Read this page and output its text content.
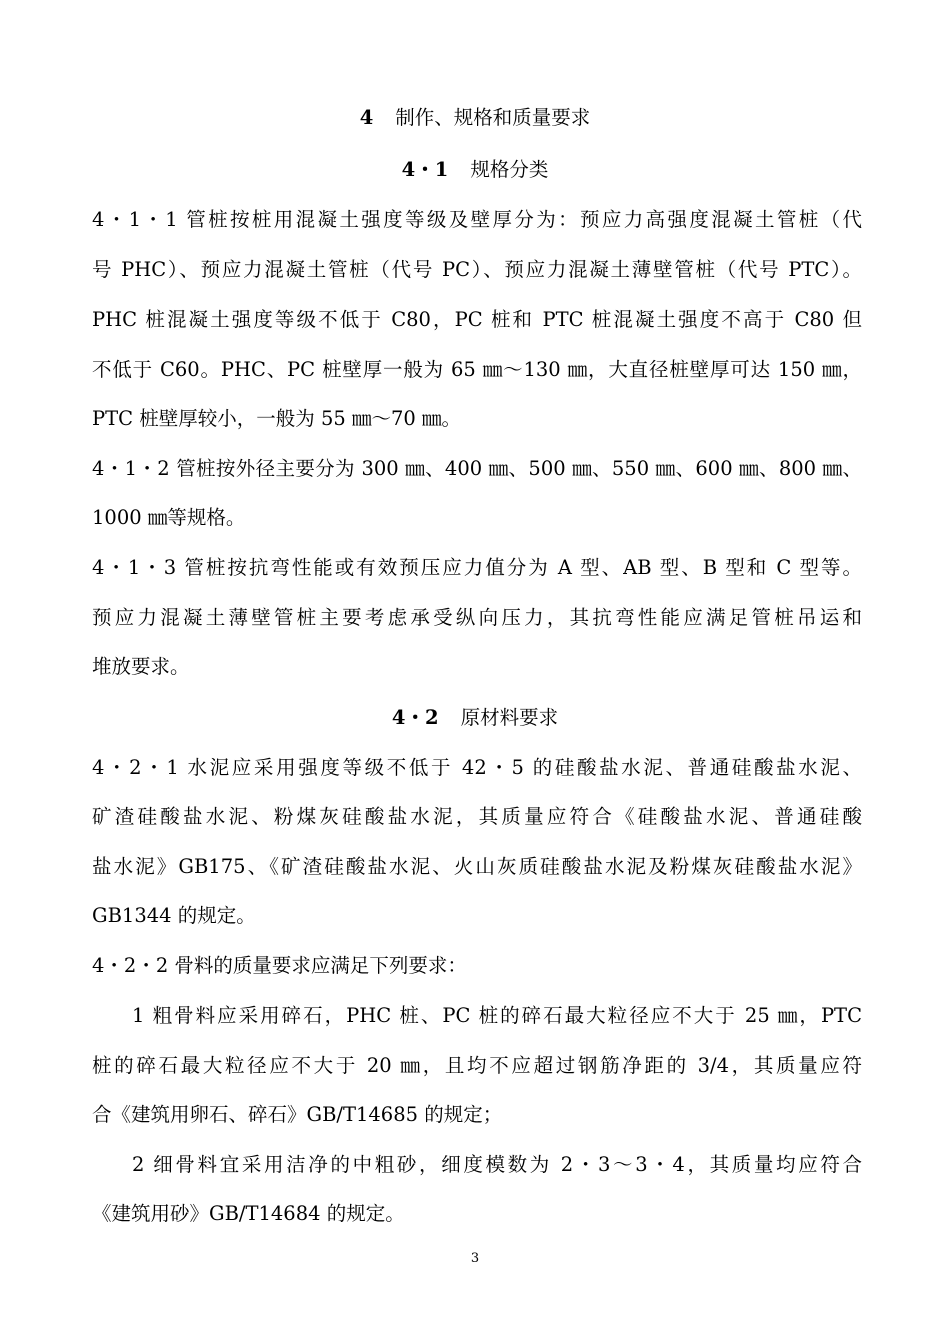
4 制作、规格和质量要求
4・1 规格分类
4・1・1 管桩按桩用混凝土强度等级及壁厚分为：预应力高强度混凝土管桩（代
号 PHC）、预应力混凝土管桩（代号 PC）、预应力混凝土薄壁管桩（代号 PTC）。
PHC 桩混凝土强度等级不低于 C80，PC 桩和 PTC 桩混凝土强度不高于 C80 但
不低于 C60。PHC、PC 桩壁厚一般为 65 ㎜～130 ㎜，大直径桩壁厚可达 150 ㎜，
PTC 桩壁厚较小，一般为 55 ㎜～70 ㎜。
4・1・2 管桩按外径主要分为 300 ㎜、400 ㎜、500 ㎜、550 ㎜、600 ㎜、800 ㎜、
1000 ㎜等规格。
4・1・3 管桩按抗弯性能或有效预压应力值分为 A 型、AB 型、B 型和 C 型等。
预应力混凝土薄壁管桩主要考虑承受纵向压力，其抗弯性能应满足管桩吊运和
堆放要求。
4・2 原材料要求
4・2・1 水泥应采用强度等级不低于 42・5 的硅酸盐水泥、普通硅酸盐水泥、
矿渣硅酸盐水泥、粉煤灰硅酸盐水泥，其质量应符合《硅酸盐水泥、普通硅酸
盐水泥》GB175、《矿渣硅酸盐水泥、火山灰质硅酸盐水泥及粉煤灰硅酸盐水泥》
GB1344 的规定。
4・2・2 骨料的质量要求应满足下列要求：
1 粗骨料应采用碎石，PHC 桩、PC 桩的碎石最大粒径应不大于 25 ㎜，PTC
桩的碎石最大粒径应不大于 20 ㎜，且均不应超过钢筋净距的 3/4，其质量应符
合《建筑用卵石、碎石》GB/T14685 的规定；
2 细骨料宜采用洁净的中粗砂，细度模数为 2・3～3・4，其质量均应符合
《建筑用砂》GB/T14684 的规定。
3
